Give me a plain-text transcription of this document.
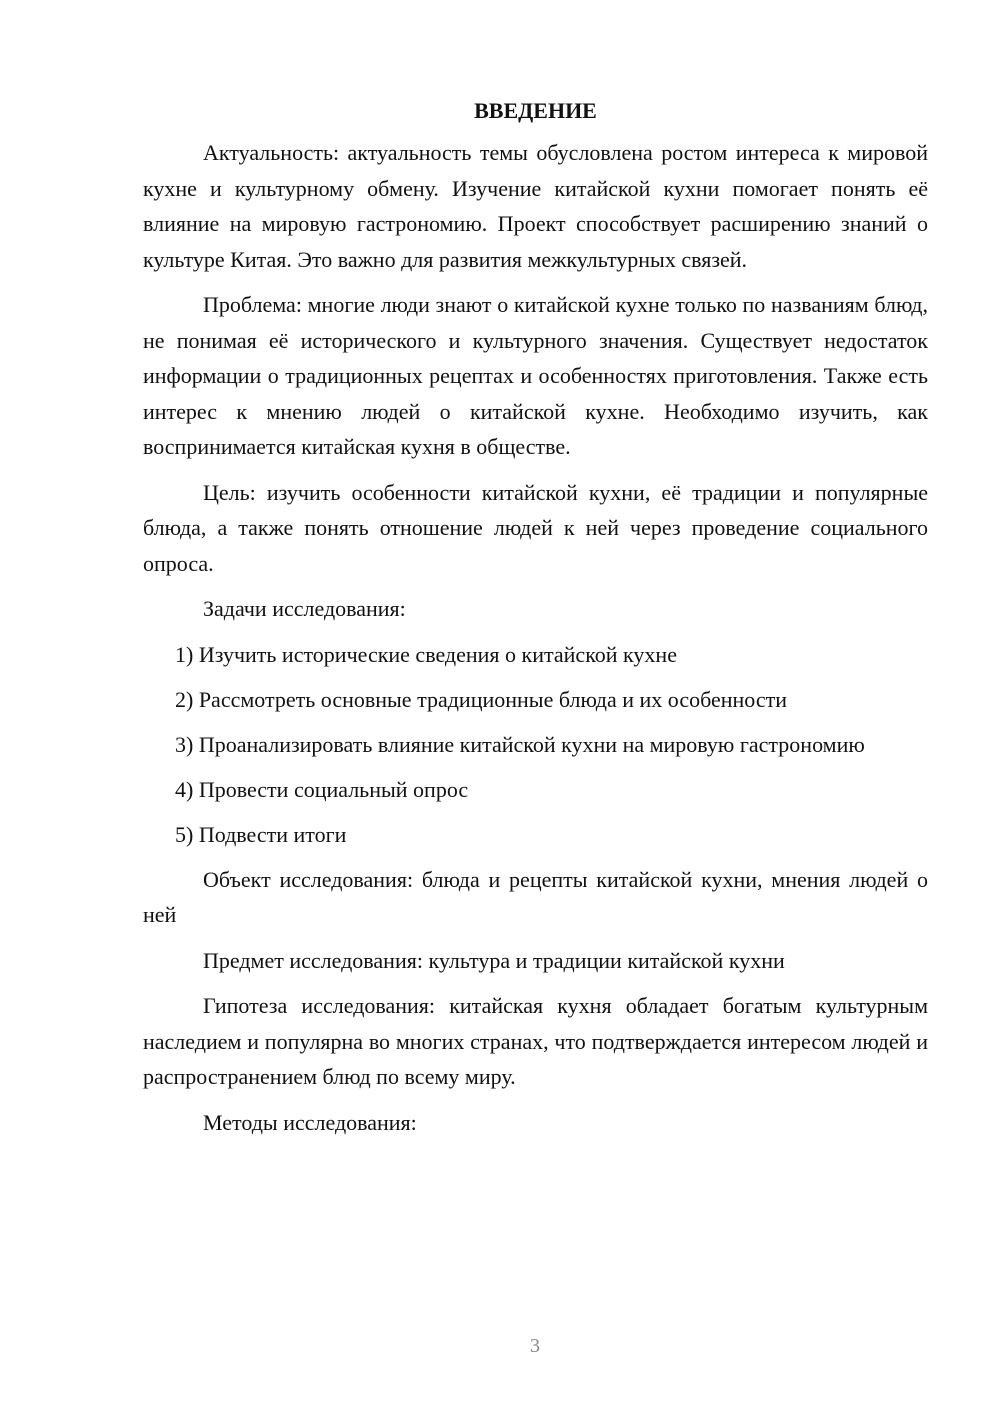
ВВЕДЕНИЕ

Актуальность: актуальность темы обусловлена ростом интереса к мировой кухне и культурному обмену. Изучение китайской кухни помогает понять её влияние на мировую гастрономию. Проект способствует расширению знаний о культуре Китая. Это важно для развития межкультурных связей.

Проблема: многие люди знают о китайской кухне только по названиям блюд, не понимая её исторического и культурного значения. Существует недостаток информации о традиционных рецептах и особенностях приготовления. Также есть интерес к мнению людей о китайской кухне. Необходимо изучить, как воспринимается китайская кухня в обществе.

Цель: изучить особенности китайской кухни, её традиции и популярные блюда, а также понять отношение людей к ней через проведение социального опроса.

Задачи исследования:

1) Изучить исторические сведения о китайской кухне

2) Рассмотреть основные традиционные блюда и их особенности

3) Проанализировать влияние китайской кухни на мировую гастрономию

4) Провести социальный опрос

5) Подвести итоги

Объект исследования: блюда и рецепты китайской кухни, мнения людей о ней

Предмет исследования: культура и традиции китайской кухни

Гипотеза исследования: китайская кухня обладает богатым культурным наследием и популярна во многих странах, что подтверждается интересом людей и распространением блюд по всему миру.

Методы исследования:

3
